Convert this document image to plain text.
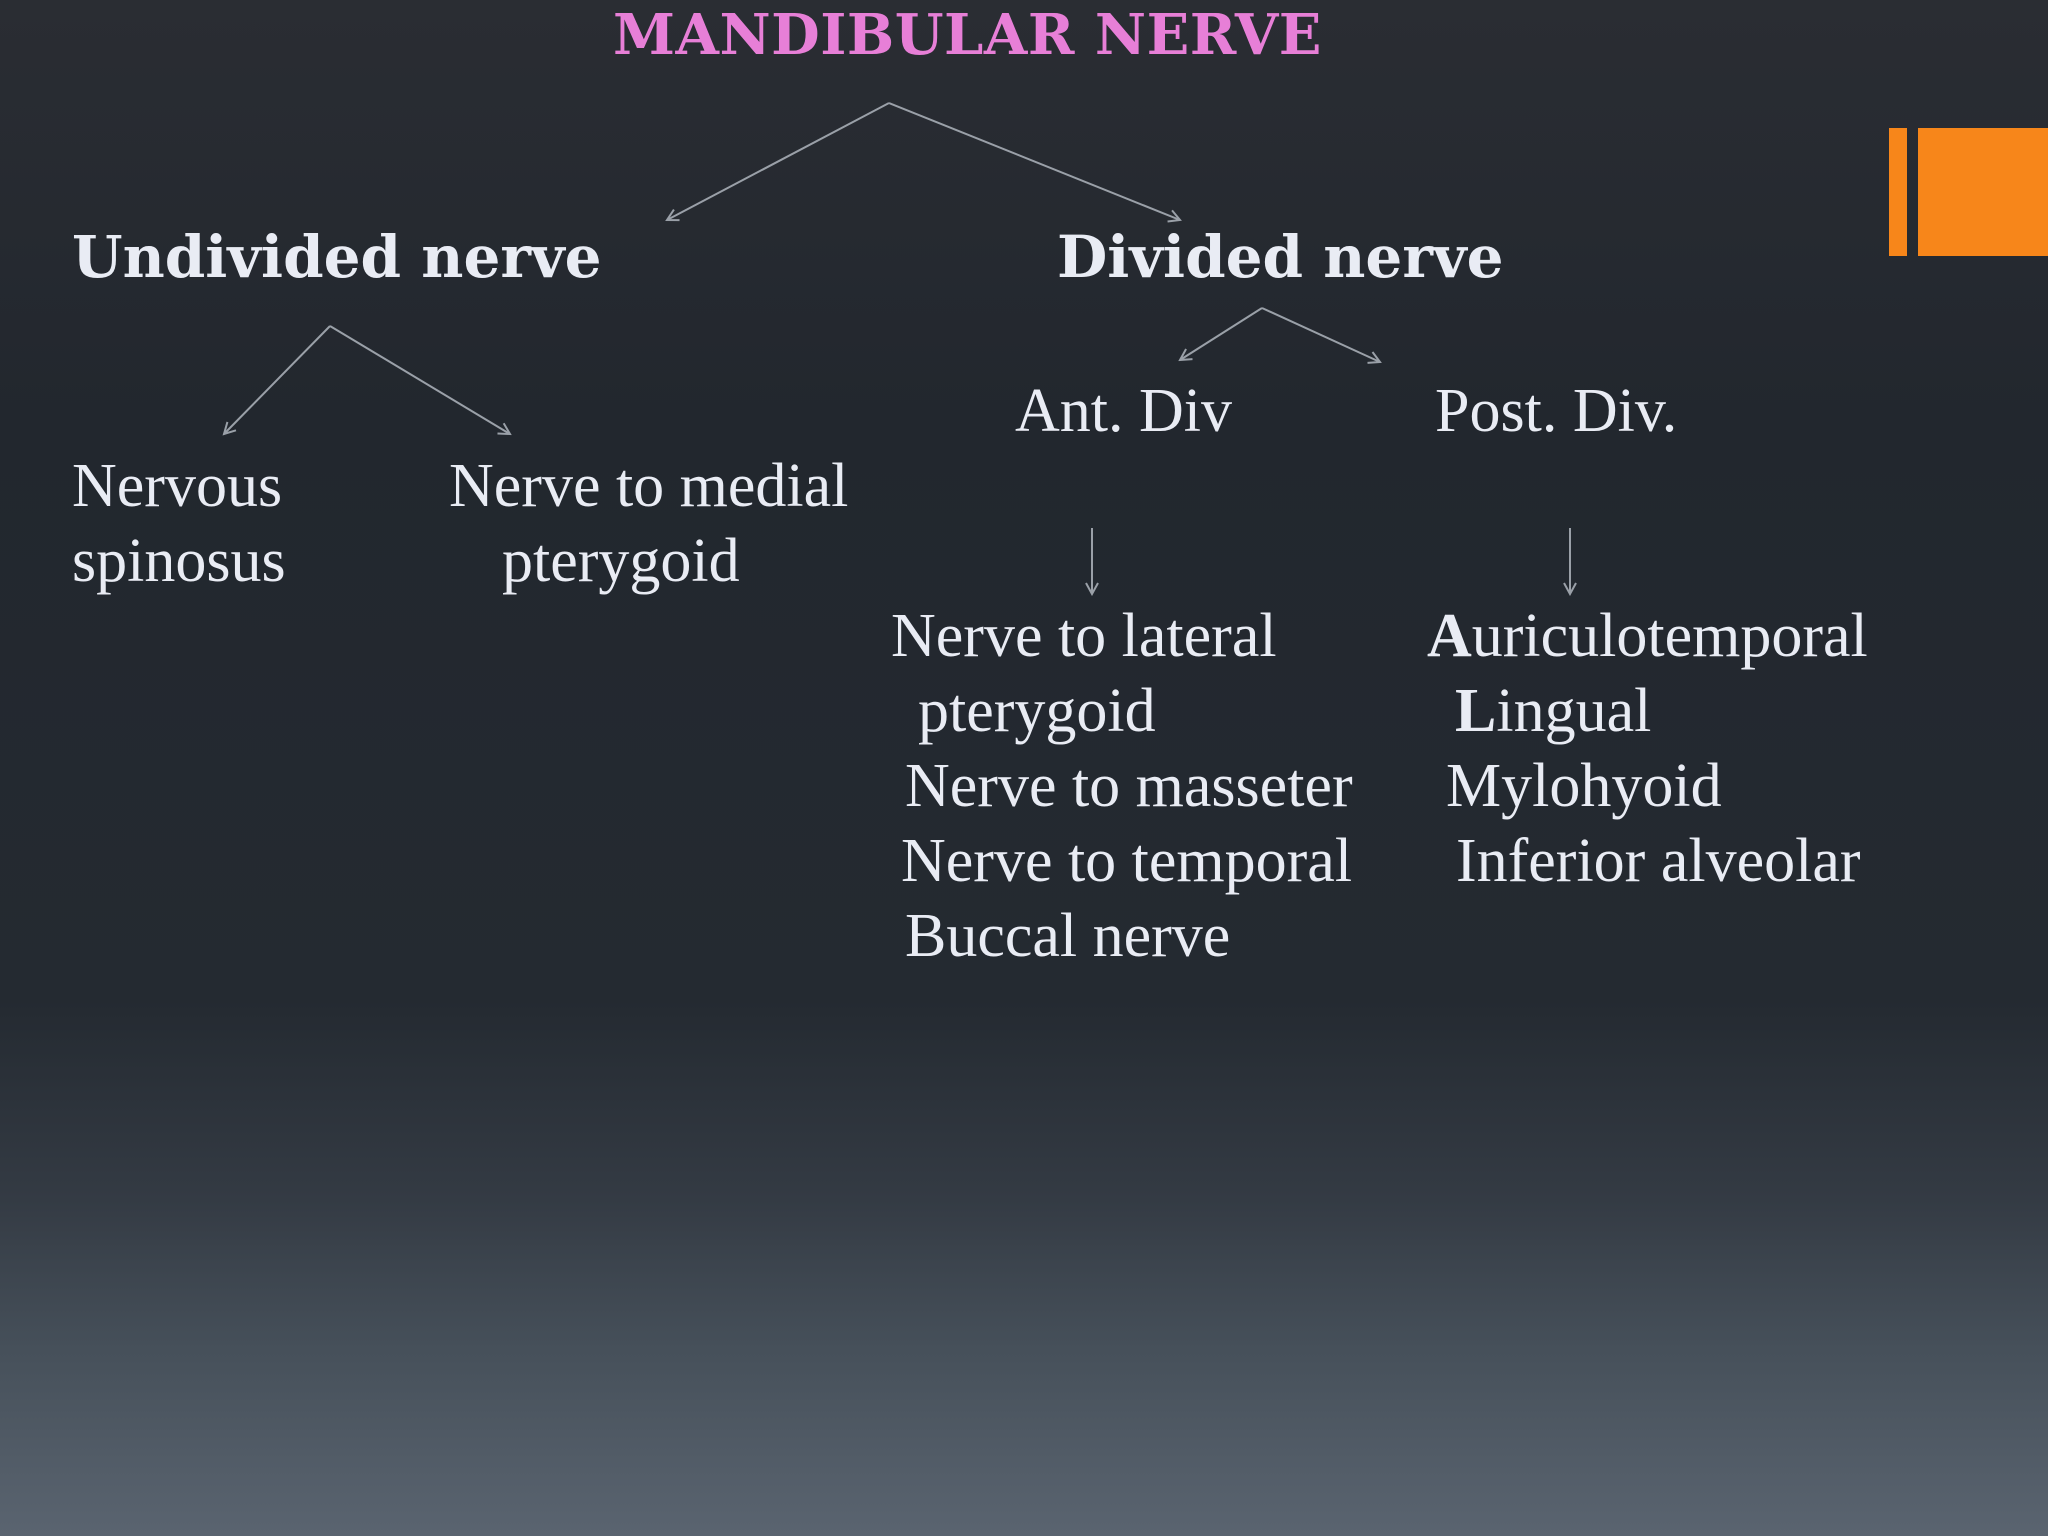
MANDIBULAR NERVE
Undivided nerve	Divided nerve
Nervous
spinosus
Nerve to medial
pterygoid
Ant. Div	Post. Div.
Nerve to lateral
pterygoid
Nerve to masseter
Nerve to temporal
Buccal nerve
Auriculotemporal
Lingual
Mylohyoid
Inferior alveolar
